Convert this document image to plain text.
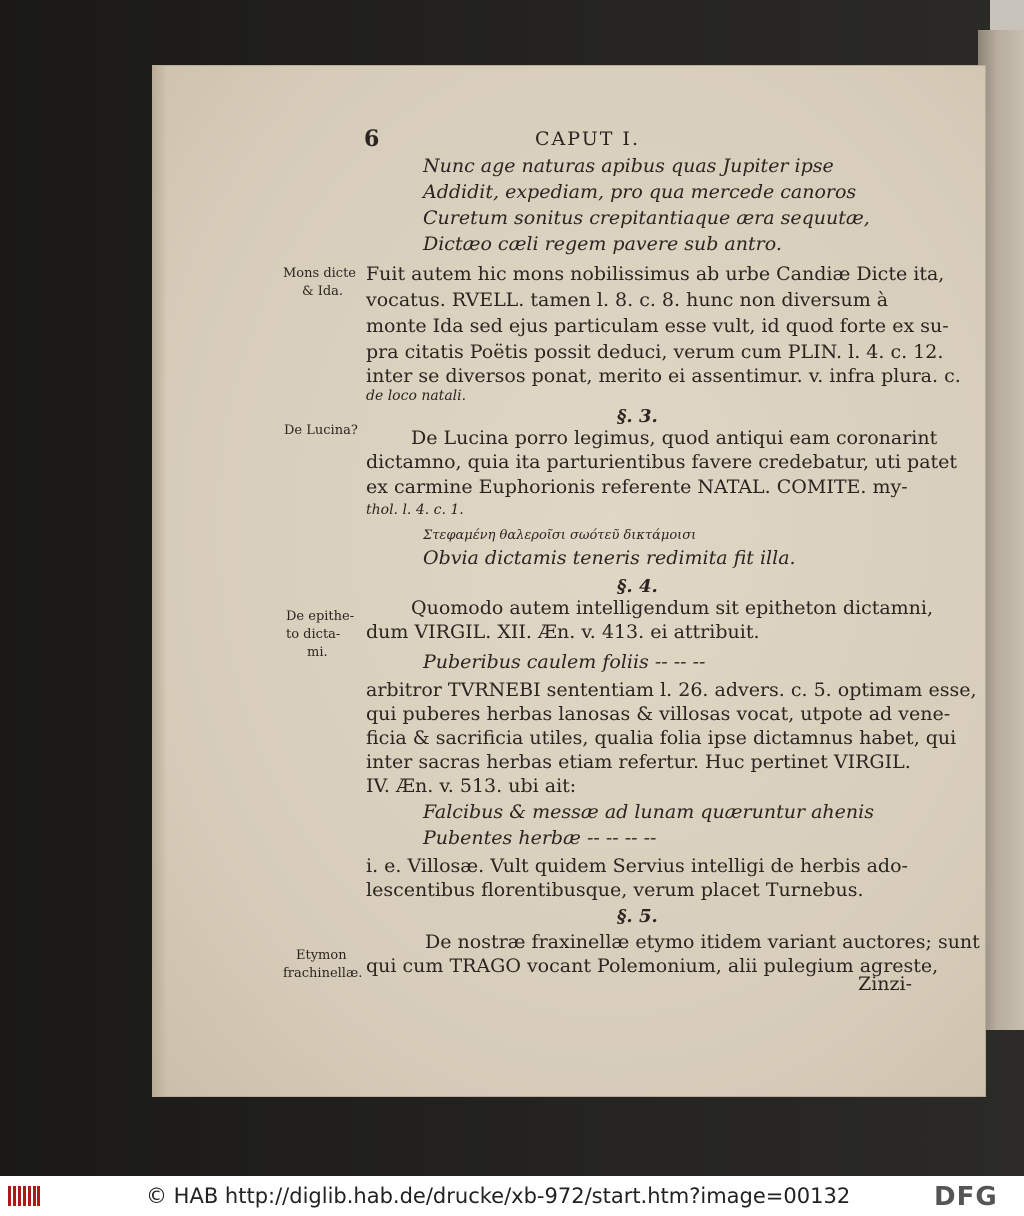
6	CAPUT I.
Nunc age naturas apibus quas Jupiter ipse
Addidit, expediam, pro qua mercede canoros
Curetum sonitus crepitantiaque æra sequutæ,
Dictæo cæli regem pavere sub antro.
Mons dicte
& Ida.
Fuit autem hic mons nobilissimus ab urbe Candiæ Dicte ita,
vocatus. RVELL. tamen l. 8. c. 8. hunc non diversum à
monte Ida sed ejus particulam esse vult, id quod forte ex su-
pra citatis Poëtis possit deduci, verum cum PLIN. l. 4. c. 12.
inter se diversos ponat, merito ei assentimur. v. infra plura. c.
de loco natali.
§. 3.
De Lucina?	De Lucina porro legimus, quod antiqui eam coronarint
dictamno, quia ita parturientibus favere credebatur, uti patet
ex carmine Euphorionis referente NATAL. COMITE. my-
thol. l. 4. c. 1.
Στεφαμένη θαλεροῖσι σωότεῦ δικτάμοισι
Obvia dictamis teneris redimita fit illa.
§. 4.
De epithe-
to dicta-
mi.
Quomodo autem intelligendum sit epitheton dictamni,
dum VIRGIL. XII. Æn. v. 413. ei attribuit.
Puberibus caulem foliis -- -- --
arbitror TVRNEBI sententiam l. 26. advers. c. 5. optimam esse,
qui puberes herbas lanosas & villosas vocat, utpote ad vene-
ficia & sacrificia utiles, qualia folia ipse dictamnus habet, qui
inter sacras herbas etiam refertur. Huc pertinet VIRGIL.
IV. Æn. v. 513. ubi ait:
Falcibus & messæ ad lunam quæruntur ahenis
Pubentes herbæ -- -- -- --
i. e. Villosæ. Vult quidem Servius intelligi de herbis ado-
lescentibus florentibusque, verum placet Turnebus.
§. 5.
Etymon
frachinellæ.
De nostræ fraxinellæ etymo itidem variant auctores; sunt
qui cum TRAGO vocant Polemonium, alii pulegium agreste,
Zinzi-
© HAB http://diglib.hab.de/drucke/xb-972/start.htm?image=00132	DFG
